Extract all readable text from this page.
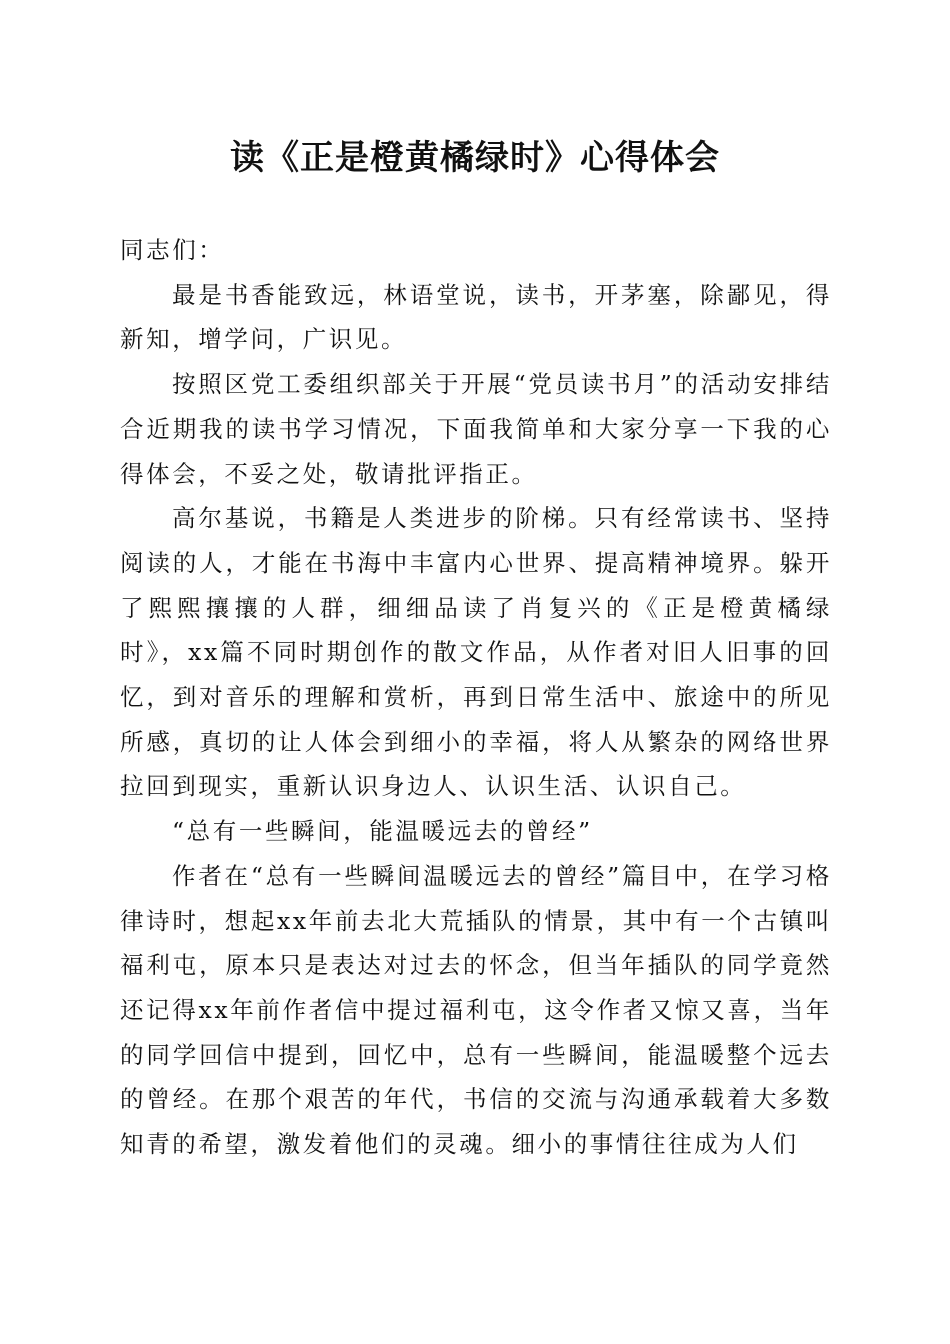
读《正是橙黄橘绿时》心得体会

同志们：

最是书香能致远，林语堂说，读书，开茅塞，除鄙见，得新知，增学问，广识见。

按照区党工委组织部关于开展“党员读书月”的活动安排结合近期我的读书学习情况，下面我简单和大家分享一下我的心得体会，不妥之处，敬请批评指正。

高尔基说，书籍是人类进步的阶梯。只有经常读书、坚持阅读的人，才能在书海中丰富内心世界、提高精神境界。躲开了熙熙攘攘的人群，细细品读了肖复兴的《正是橙黄橘绿时》，xx篇不同时期创作的散文作品，从作者对旧人旧事的回忆，到对音乐的理解和赏析，再到日常生活中、旅途中的所见所感，真切的让人体会到细小的幸福，将人从繁杂的网络世界拉回到现实，重新认识身边人、认识生活、认识自己。

“总有一些瞬间，能温暖远去的曾经”

作者在“总有一些瞬间温暖远去的曾经”篇目中，在学习格律诗时，想起xx年前去北大荒插队的情景，其中有一个古镇叫福利屯，原本只是表达对过去的怀念，但当年插队的同学竟然还记得xx年前作者信中提过福利屯，这令作者又惊又喜，当年的同学回信中提到，回忆中，总有一些瞬间，能温暖整个远去的曾经。在那个艰苦的年代，书信的交流与沟通承载着大多数知青的希望，激发着他们的灵魂。细小的事情往往成为人们
